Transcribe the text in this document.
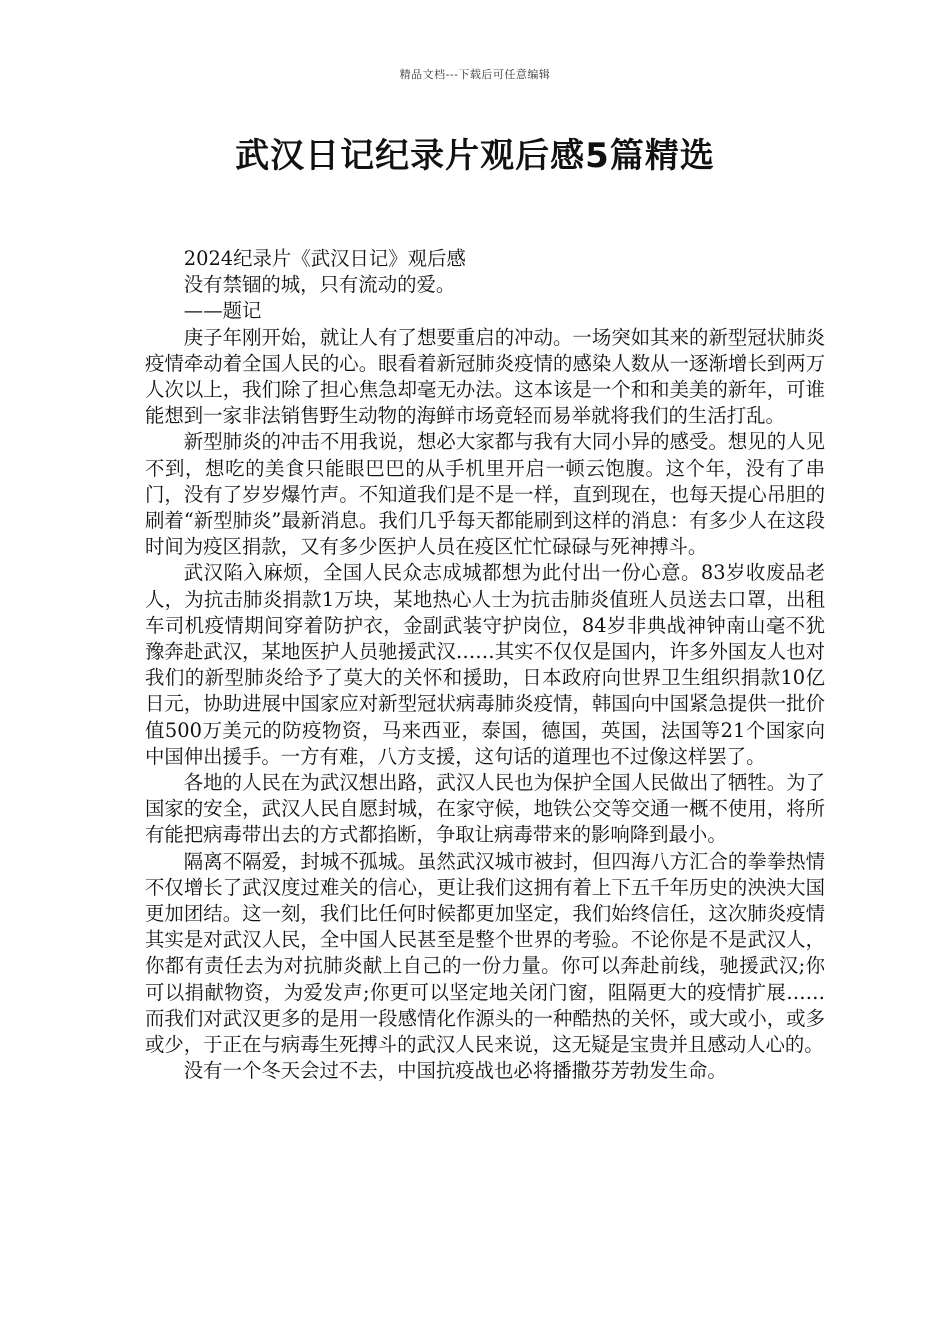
精品文档---下载后可任意编辑
武汉日记纪录片观后感5篇精选

2024纪录片《武汉日记》观后感

没有禁锢的城，只有流动的爱。

——题记

庚子年刚开始，就让人有了想要重启的冲动。一场突如其来的新型冠状肺炎疫情牵动着全国人民的心。眼看着新冠肺炎疫情的感染人数从一逐渐增长到两万人次以上，我们除了担心焦急却毫无办法。这本该是一个和和美美的新年，可谁能想到一家非法销售野生动物的海鲜市场竟轻而易举就将我们的生活打乱。

新型肺炎的冲击不用我说，想必大家都与我有大同小异的感受。想见的人见不到，想吃的美食只能眼巴巴的从手机里开启一顿云饱腹。这个年，没有了串门，没有了岁岁爆竹声。不知道我们是不是一样，直到现在，也每天提心吊胆的刷着“新型肺炎”最新消息。我们几乎每天都能刷到这样的消息：有多少人在这段时间为疫区捐款，又有多少医护人员在疫区忙忙碌碌与死神搏斗。

武汉陷入麻烦，全国人民众志成城都想为此付出一份心意。83岁收废品老人，为抗击肺炎捐款1万块，某地热心人士为抗击肺炎值班人员送去口罩，出租车司机疫情期间穿着防护衣，金副武装守护岗位，84岁非典战神钟南山毫不犹豫奔赴武汉，某地医护人员驰援武汉……其实不仅仅是国内，许多外国友人也对我们的新型肺炎给予了莫大的关怀和援助，日本政府向世界卫生组织捐款10亿日元，协助进展中国家应对新型冠状病毒肺炎疫情，韩国向中国紧急提供一批价值500万美元的防疫物资，马来西亚，泰国，德国，英国，法国等21个国家向中国伸出援手。一方有难，八方支援，这句话的道理也不过像这样罢了。

各地的人民在为武汉想出路，武汉人民也为保护全国人民做出了牺牲。为了国家的安全，武汉人民自愿封城，在家守候，地铁公交等交通一概不使用，将所有能把病毒带出去的方式都掐断，争取让病毒带来的影响降到最小。

隔离不隔爱，封城不孤城。虽然武汉城市被封，但四海八方汇合的拳拳热情不仅增长了武汉度过难关的信心，更让我们这拥有着上下五千年历史的泱泱大国更加团结。这一刻，我们比任何时候都更加坚定，我们始终信任，这次肺炎疫情其实是对武汉人民，全中国人民甚至是整个世界的考验。不论你是不是武汉人，你都有责任去为对抗肺炎献上自己的一份力量。你可以奔赴前线，驰援武汉;你可以捐献物资，为爱发声;你更可以坚定地关闭门窗，阻隔更大的疫情扩展……而我们对武汉更多的是用一段感情化作源头的一种酷热的关怀，或大或小，或多或少，于正在与病毒生死搏斗的武汉人民来说，这无疑是宝贵并且感动人心的。

没有一个冬天会过不去，中国抗疫战也必将播撒芬芳勃发生命。
